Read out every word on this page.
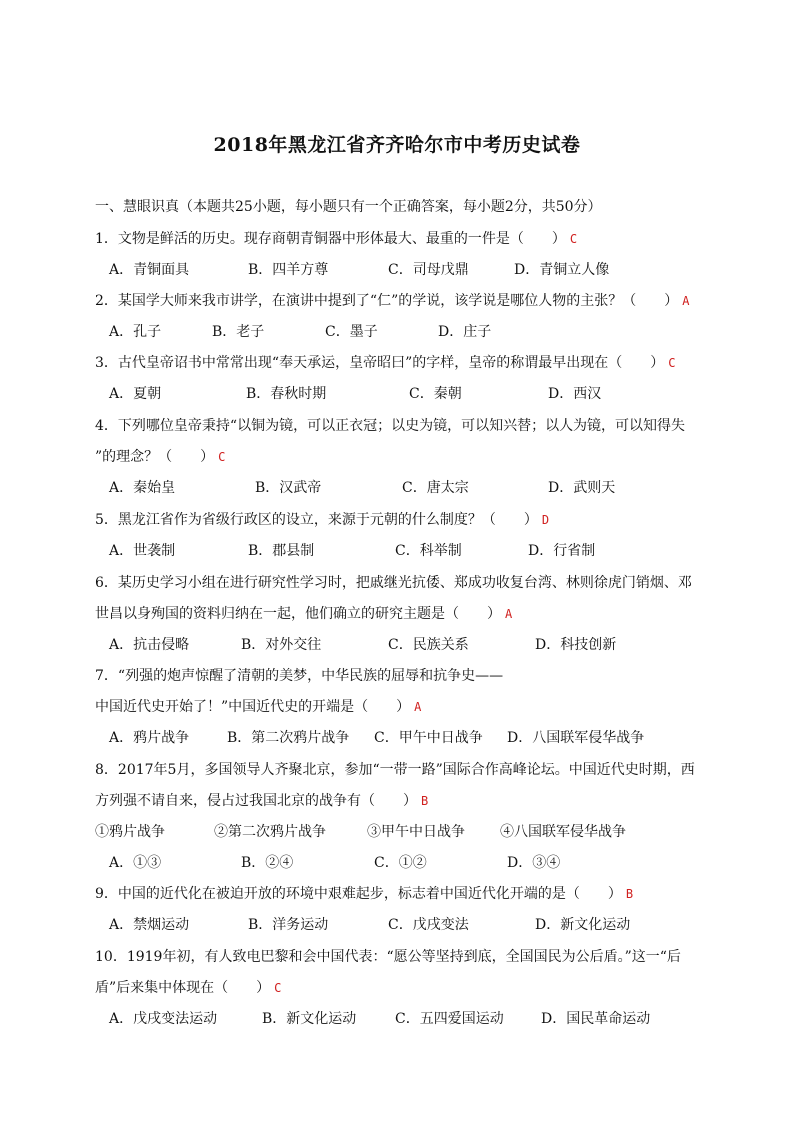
2018年黑龙江省齐齐哈尔市中考历史试卷
一、慧眼识真（本题共25小题，每小题只有一个正确答案，每小题2分，共50分）
1．文物是鲜活的历史。现存商朝青铜器中形体最大、最重的一件是（　　） C
A．青铜面具	B．四羊方尊	C．司母戊鼎	D．青铜立人像
2．某国学大师来我市讲学，在演讲中提到了“仁”的学说，该学说是哪位人物的主张？（　　） A
A．孔子	B．老子	C．墨子	D．庄子
3．古代皇帝诏书中常常出现“奉天承运，皇帝昭曰”的字样，皇帝的称谓最早出现在（　　） C
A．夏朝	B．春秋时期	C．秦朝	D．西汉
4．下列哪位皇帝秉持“以铜为镜，可以正衣冠；以史为镜，可以知兴替；以人为镜，可以知得失
”的理念？（　　） C
A．秦始皇	B．汉武帝	C．唐太宗	D．武则天
5．黑龙江省作为省级行政区的设立，来源于元朝的什么制度？（　　） D
A．世袭制	B．郡县制	C．科举制	D．行省制
6．某历史学习小组在进行研究性学习时，把戚继光抗倭、郑成功收复台湾、林则徐虎门销烟、邓
世昌以身殉国的资料归纳在一起，他们确立的研究主题是（　　） A
A．抗击侵略	B．对外交往	C．民族关系	D．科技创新
7．“列强的炮声惊醒了清朝的美梦，中华民族的屈辱和抗争史——
中国近代史开始了！”中国近代史的开端是（　　） A
A．鸦片战争	B．第二次鸦片战争 C．甲午中日战争 D．八国联军侵华战争
8．2017年5月，多国领导人齐聚北京，参加“一带一路”国际合作高峰论坛。中国近代史时期，西
方列强不请自来，侵占过我国北京的战争有（　　） B
①鸦片战争	②第二次鸦片战争	③甲午中日战争	④八国联军侵华战争
A．①③	B．②④	C．①②	D．③④
9．中国的近代化在被迫开放的环境中艰难起步，标志着中国近代化开端的是（　　） B
A．禁烟运动	B．洋务运动	C．戊戌变法	D．新文化运动
10．1919年初，有人致电巴黎和会中国代表：“愿公等坚持到底，全国国民为公后盾。”这一“后
盾”后来集中体现在（　　） C
A．戊戌变法运动	B．新文化运动	C．五四爱国运动	D．国民革命运动
